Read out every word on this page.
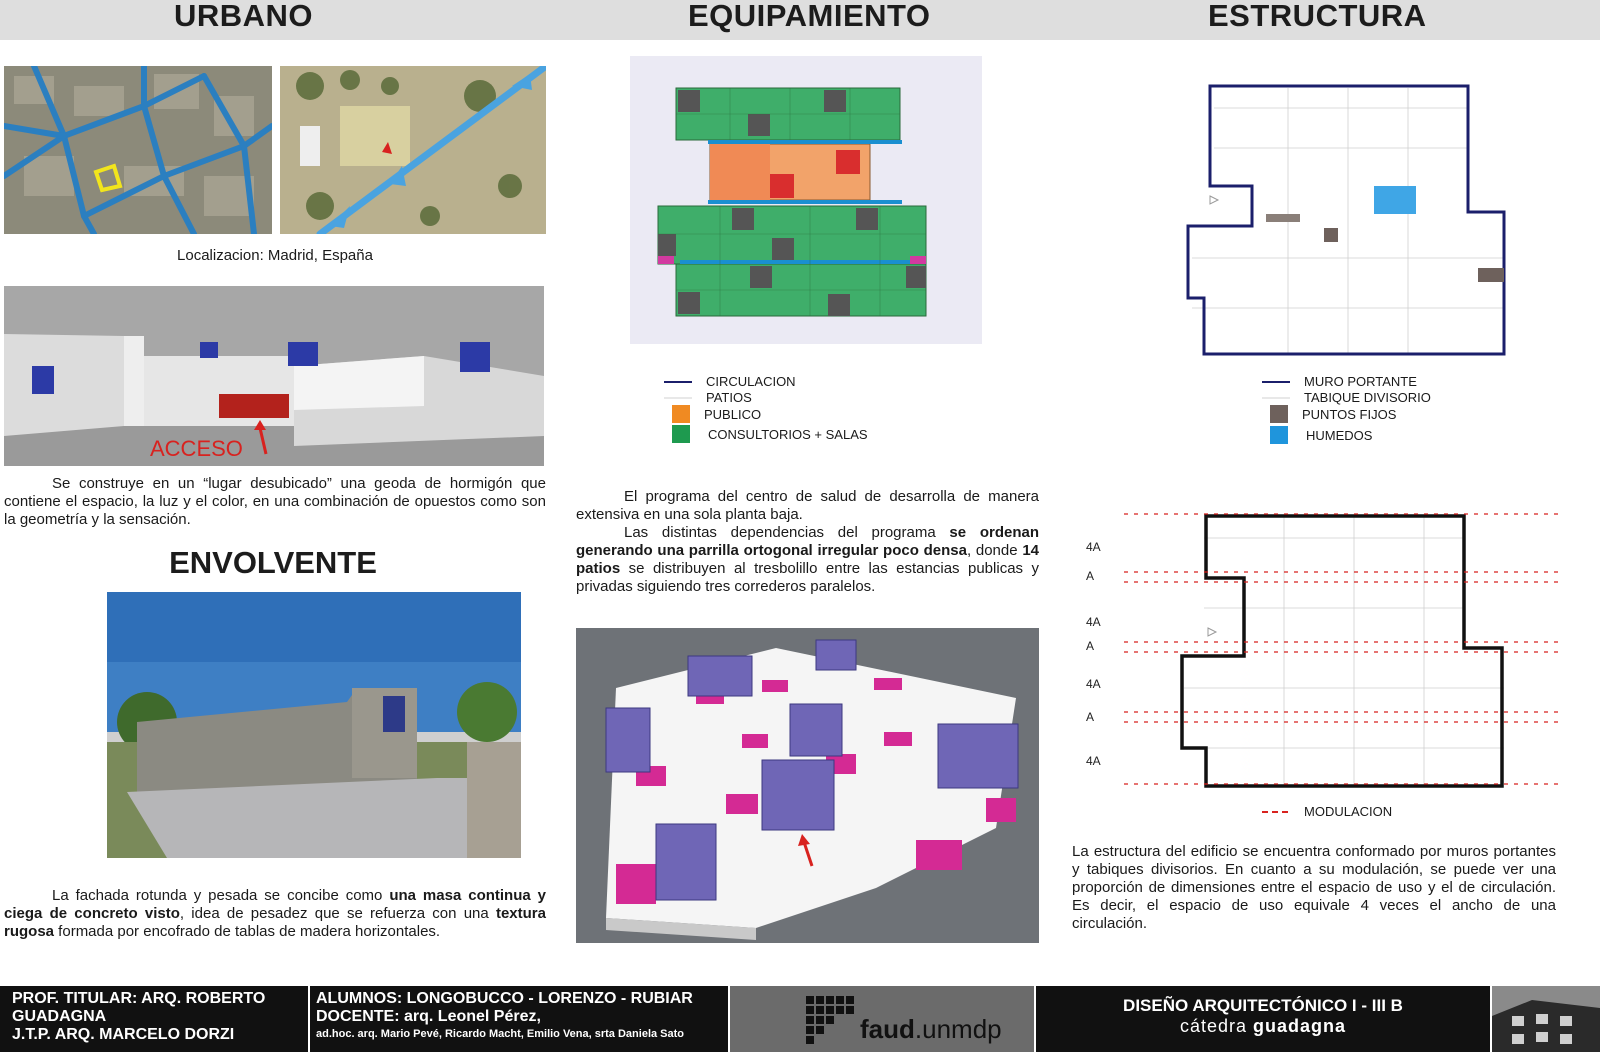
URBANO	EQUIPAMIENTO	ESTRUCTURA
Localizacion: Madrid, España
ACCESO
Se construye en un “lugar desubicado” una geoda de hormigón que contiene el espacio, la luz y el color, en una combinación de opuestos como son la geometría y la sensación.
ENVOLVENTE
La fachada rotunda y pesada se concibe como una masa continua y ciega de concreto visto, idea de pesadez que se refuerza con una textura rugosa formada por encofrado de tablas de madera horizontales.
CIRCULACION
PATIOS
PUBLICO
CONSULTORIOS + SALAS
El programa del centro de salud de desarrolla de manera extensiva en una sola planta baja.
Las distintas dependencias del programa se ordenan generando una parrilla ortogonal irregular poco densa, donde 14 patios se distribuyen al tresbolillo entre las estancias publicas y privadas siguiendo tres correderos paralelos.
MURO PORTANTE
TABIQUE DIVISORIO
PUNTOS FIJOS
HUMEDOS
4A
A
4A
A
4A
A
4A
MODULACION
La estructura del edificio se encuentra conformado por muros portantes y tabiques divisorios. En cuanto a su modulación, se puede ver una proporción de dimensiones entre el espacio de uso y el de circulación. Es decir, el espacio de uso equivale 4 veces el ancho de una circulación.
PROF. TITULAR: ARQ. ROBERTO
GUADAGNA
J.T.P. ARQ. MARCELO DORZI
ALUMNOS: LONGOBUCCO - LORENZO - RUBIAR
DOCENTE: arq. Leonel Pérez,
ad.hoc. arq. Mario Pevé, Ricardo Macht, Emilio Vena, srta Daniela Sato	faud.unmdp
DISEÑO ARQUITECTÓNICO I - III B
cátedra guadagna
